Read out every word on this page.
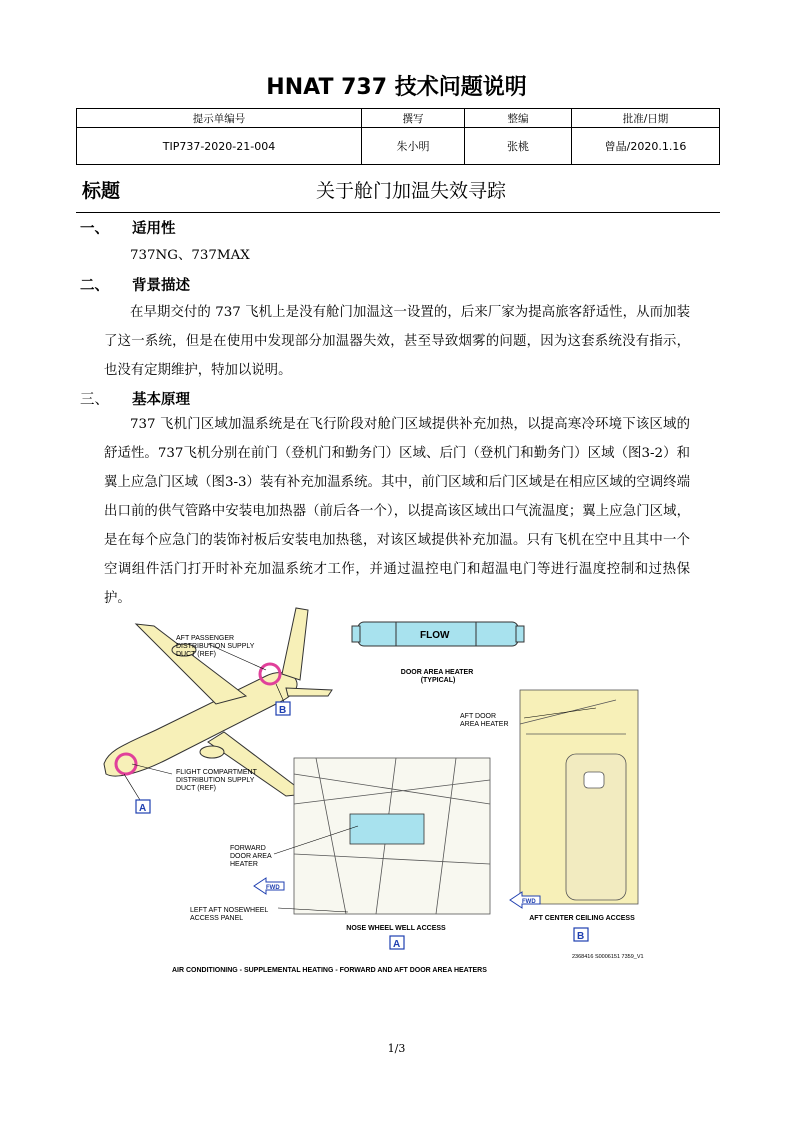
HNAT 737 技术问题说明
提示单编号	撰写	整编	批准/日期
TIP737-2020-21-004	朱小明	张桃	曾晶/2020.1.16
标题	关于舱门加温失效寻踪
一、 适用性
737NG、737MAX
二、 背景描述
在早期交付的 737 飞机上是没有舱门加温这一设置的，后来厂家为提高旅客舒适性，从而加装了这一系统，但是在使用中发现部分加温器失效，甚至导致烟雾的问题，因为这套系统没有指示，也没有定期维护，特加以说明。
三、 基本原理
737 飞机门区域加温系统是在飞行阶段对舱门区域提供补充加热，以提高寒冷环境下该区域的舒适性。737飞机分别在前门（登机门和勤务门）区域、后门（登机门和勤务门）区域（图3-2）和翼上应急门区域（图3-3）装有补充加温系统。其中，前门区域和后门区域是在相应区域的空调终端出口前的供气管路中安装电加热器（前后各一个），以提高该区域出口气流温度；翼上应急门区域，是在每个应急门的装饰衬板后安装电加热毯，对该区域提供补充加温。只有飞机在空中且其中一个空调组件活门打开时补充加温系统才工作，并通过温控电门和超温电门等进行温度控制和过热保护。
AFT PASSENGER DISTRIBUTION SUPPLY DUCT (REF)
FLIGHT COMPARTMENT DISTRIBUTION SUPPLY DUCT (REF)
B
A
FLOW
DOOR AREA HEATER (TYPICAL)
FORWARD DOOR AREA HEATER
FWD
LEFT AFT NOSEWHEEL ACCESS PANEL
NOSE WHEEL WELL ACCESS
A
AFT DOOR AREA HEATER
FWD
AFT CENTER CEILING ACCESS
B
2368416 S0006151 7359_V1
AIR CONDITIONING - SUPPLEMENTAL HEATING - FORWARD AND AFT DOOR AREA HEATERS
1/3
